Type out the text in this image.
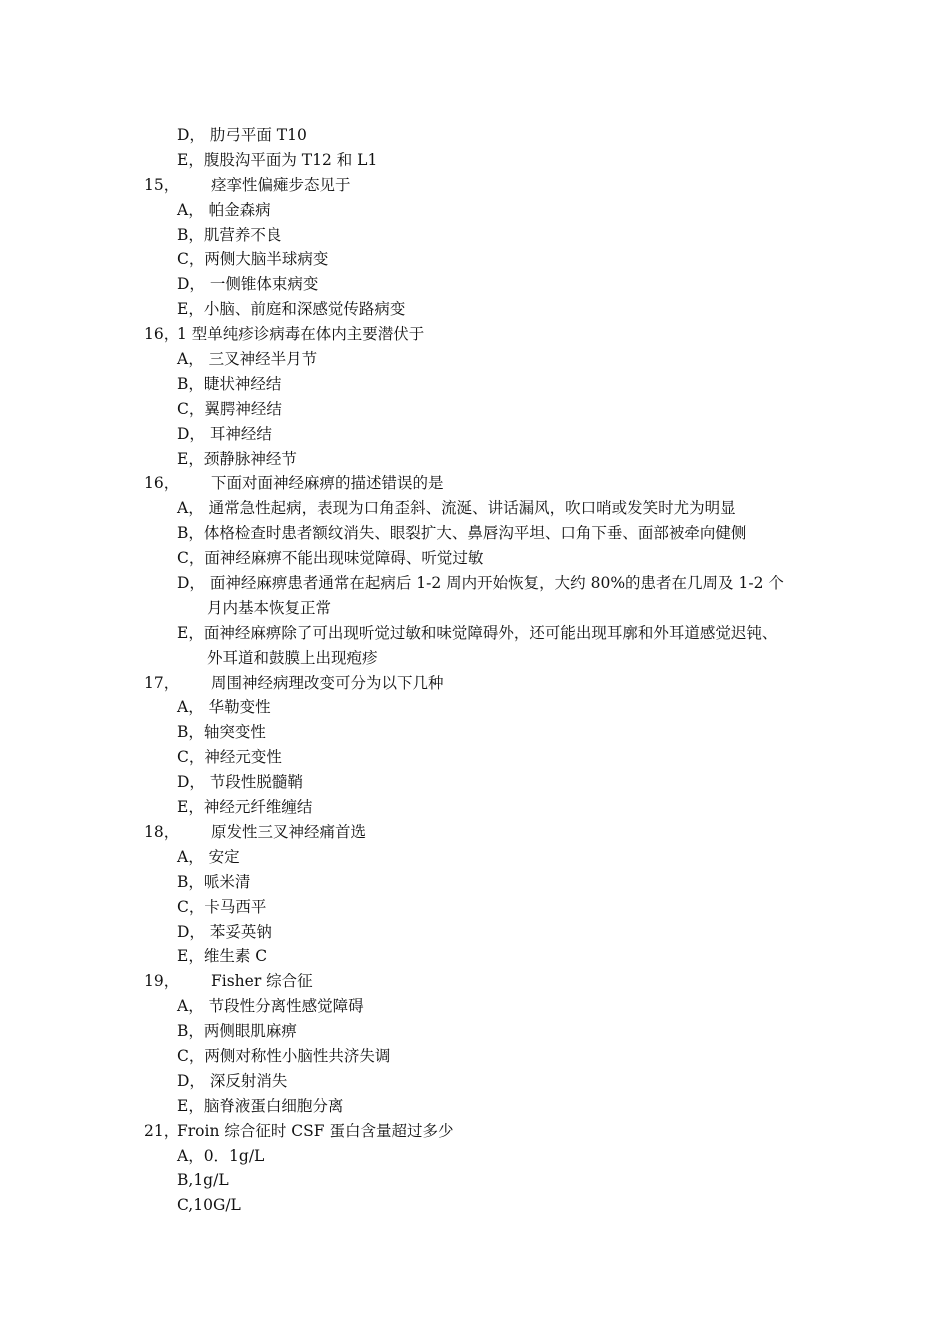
D， 肋弓平面 T10
E，腹股沟平面为 T12 和 L1
15， 痉挛性偏瘫步态见于
A， 帕金森病
B，肌营养不良
C，两侧大脑半球病变
D， 一侧锥体束病变
E，小脑、前庭和深感觉传路病变
16，
1 型单纯疹诊病毒在体内主要潜伏于
A， 三叉神经半月节
B，睫状神经结
C，翼腭神经结
D， 耳神经结
E，颈静脉神经节
16， 下面对面神经麻痹的描述错误的是
A， 通常急性起病，表现为口角歪斜、流涎、讲话漏风，吹口哨或发笑时尤为明显
B，体格检查时患者额纹消失、眼裂扩大、鼻唇沟平坦、口角下垂、面部被牵向健侧
C，面神经麻痹不能出现味觉障碍、听觉过敏
D， 面神经麻痹患者通常在起病后 1-2 周内开始恢复，大约 80%的患者在几周及 1-2 个
月内基本恢复正常
E，面神经麻痹除了可出现听觉过敏和味觉障碍外，还可能出现耳廓和外耳道感觉迟钝、
外耳道和鼓膜上出现疱疹
17， 周围神经病理改变可分为以下几种
A， 华勒变性
B，轴突变性
C，神经元变性
D， 节段性脱髓鞘
E，神经元纤维缠结
18， 原发性三叉神经痛首选
A， 安定
B，哌米清
C，卡马西平
D， 苯妥英钠
E，维生素 C
19， Fisher 综合征
A， 节段性分离性感觉障碍
B，两侧眼肌麻痹
C，两侧对称性小脑性共济失调
D， 深反射消失
E，脑脊液蛋白细胞分离
21，
Froin 综合征时 CSF 蛋白含量超过多少
A，0．1g/L
B,1g/L
C,10G/L
